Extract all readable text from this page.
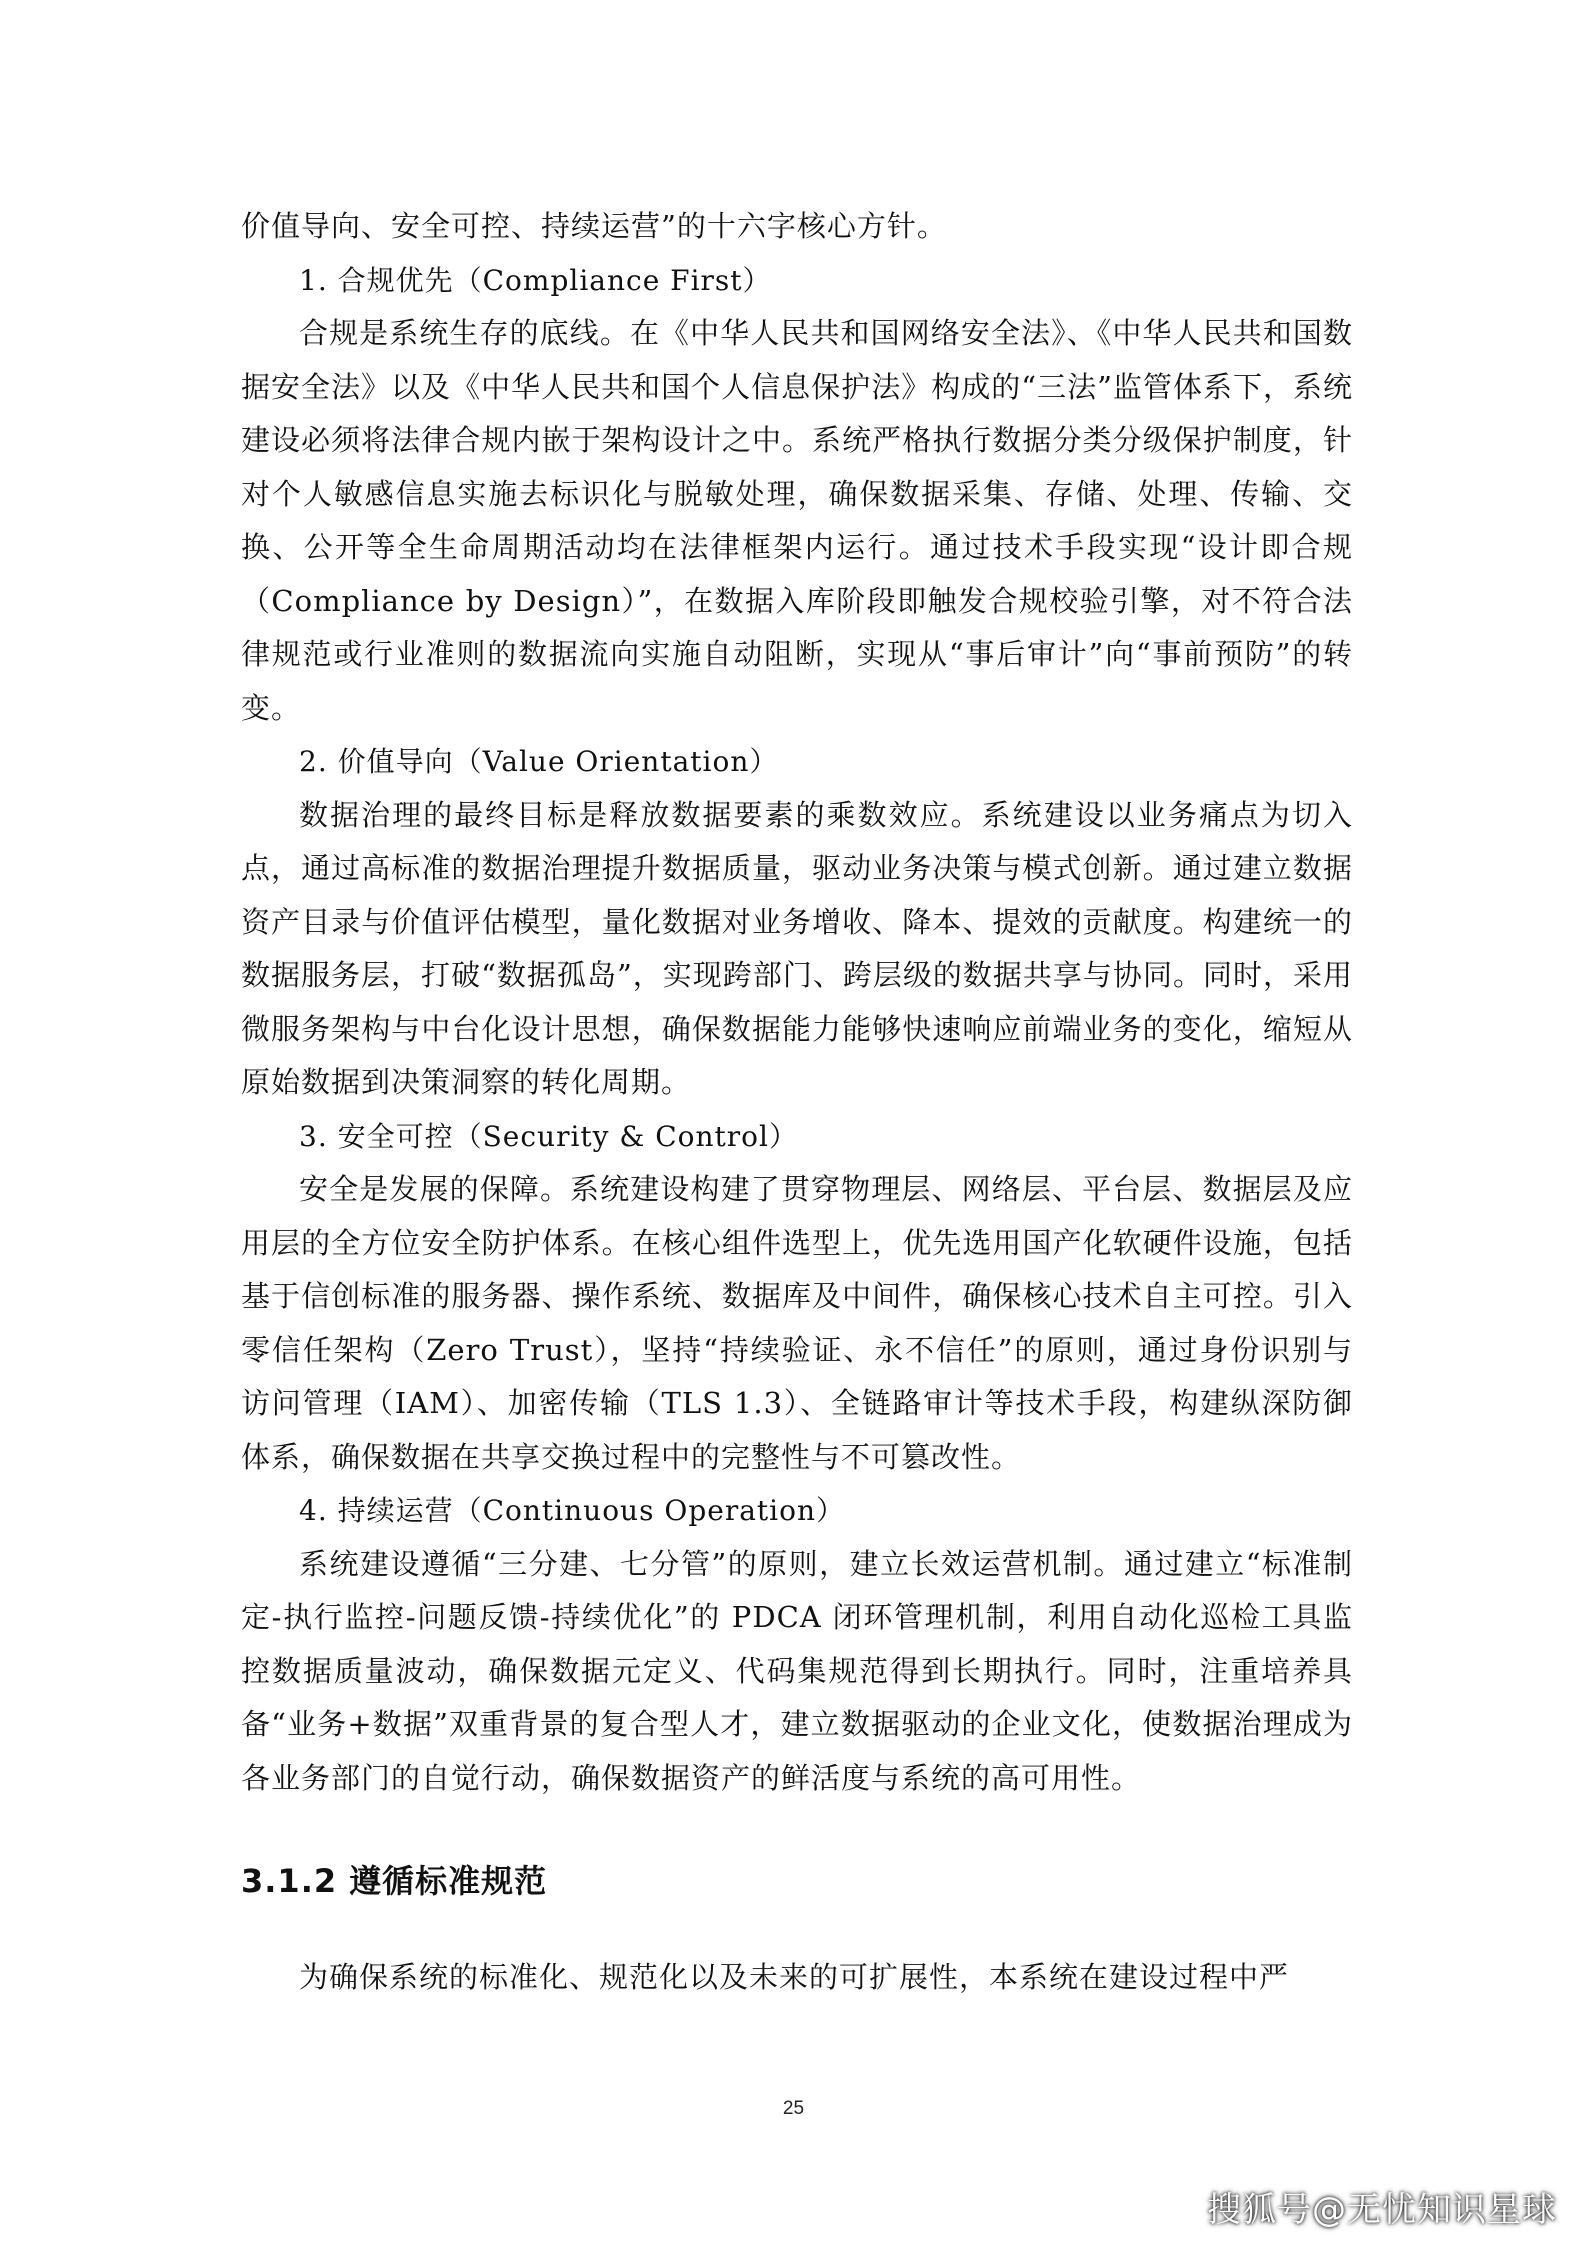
价值导向、安全可控、持续运营”的十六字核心方针。

1. 合规优先（Compliance First）

合规是系统生存的底线。在《中华人民共和国网络安全法》、《中华人民共和国数据安全法》以及《中华人民共和国个人信息保护法》构成的“三法”监管体系下，系统建设必须将法律合规内嵌于架构设计之中。系统严格执行数据分类分级保护制度，针对个人敏感信息实施去标识化与脱敏处理，确保数据采集、存储、处理、传输、交换、公开等全生命周期活动均在法律框架内运行。通过技术手段实现“设计即合规（Compliance by Design）”，在数据入库阶段即触发合规校验引擎，对不符合法律规范或行业准则的数据流向实施自动阻断，实现从“事后审计”向“事前预防”的转变。

2. 价值导向（Value Orientation）

数据治理的最终目标是释放数据要素的乘数效应。系统建设以业务痛点为切入点，通过高标准的数据治理提升数据质量，驱动业务决策与模式创新。通过建立数据资产目录与价值评估模型，量化数据对业务增收、降本、提效的贡献度。构建统一的数据服务层，打破“数据孤岛”，实现跨部门、跨层级的数据共享与协同。同时，采用微服务架构与中台化设计思想，确保数据能力能够快速响应前端业务的变化，缩短从原始数据到决策洞察的转化周期。

3. 安全可控（Security & Control）

安全是发展的保障。系统建设构建了贯穿物理层、网络层、平台层、数据层及应用层的全方位安全防护体系。在核心组件选型上，优先选用国产化软硬件设施，包括基于信创标准的服务器、操作系统、数据库及中间件，确保核心技术自主可控。引入零信任架构（Zero Trust），坚持“持续验证、永不信任”的原则，通过身份识别与访问管理（IAM）、加密传输（TLS 1.3）、全链路审计等技术手段，构建纵深防御体系，确保数据在共享交换过程中的完整性与不可篡改性。

4. 持续运营（Continuous Operation）

系统建设遵循“三分建、七分管”的原则，建立长效运营机制。通过建立“标准制定-执行监控-问题反馈-持续优化”的 PDCA 闭环管理机制，利用自动化巡检工具监控数据质量波动，确保数据元定义、代码集规范得到长期执行。同时，注重培养具备“业务+数据”双重背景的复合型人才，建立数据驱动的企业文化，使数据治理成为各业务部门的自觉行动，确保数据资产的鲜活度与系统的高可用性。

3.1.2 遵循标准规范

为确保系统的标准化、规范化以及未来的可扩展性，本系统在建设过程中严

25
搜狐号@无忧知识星球
